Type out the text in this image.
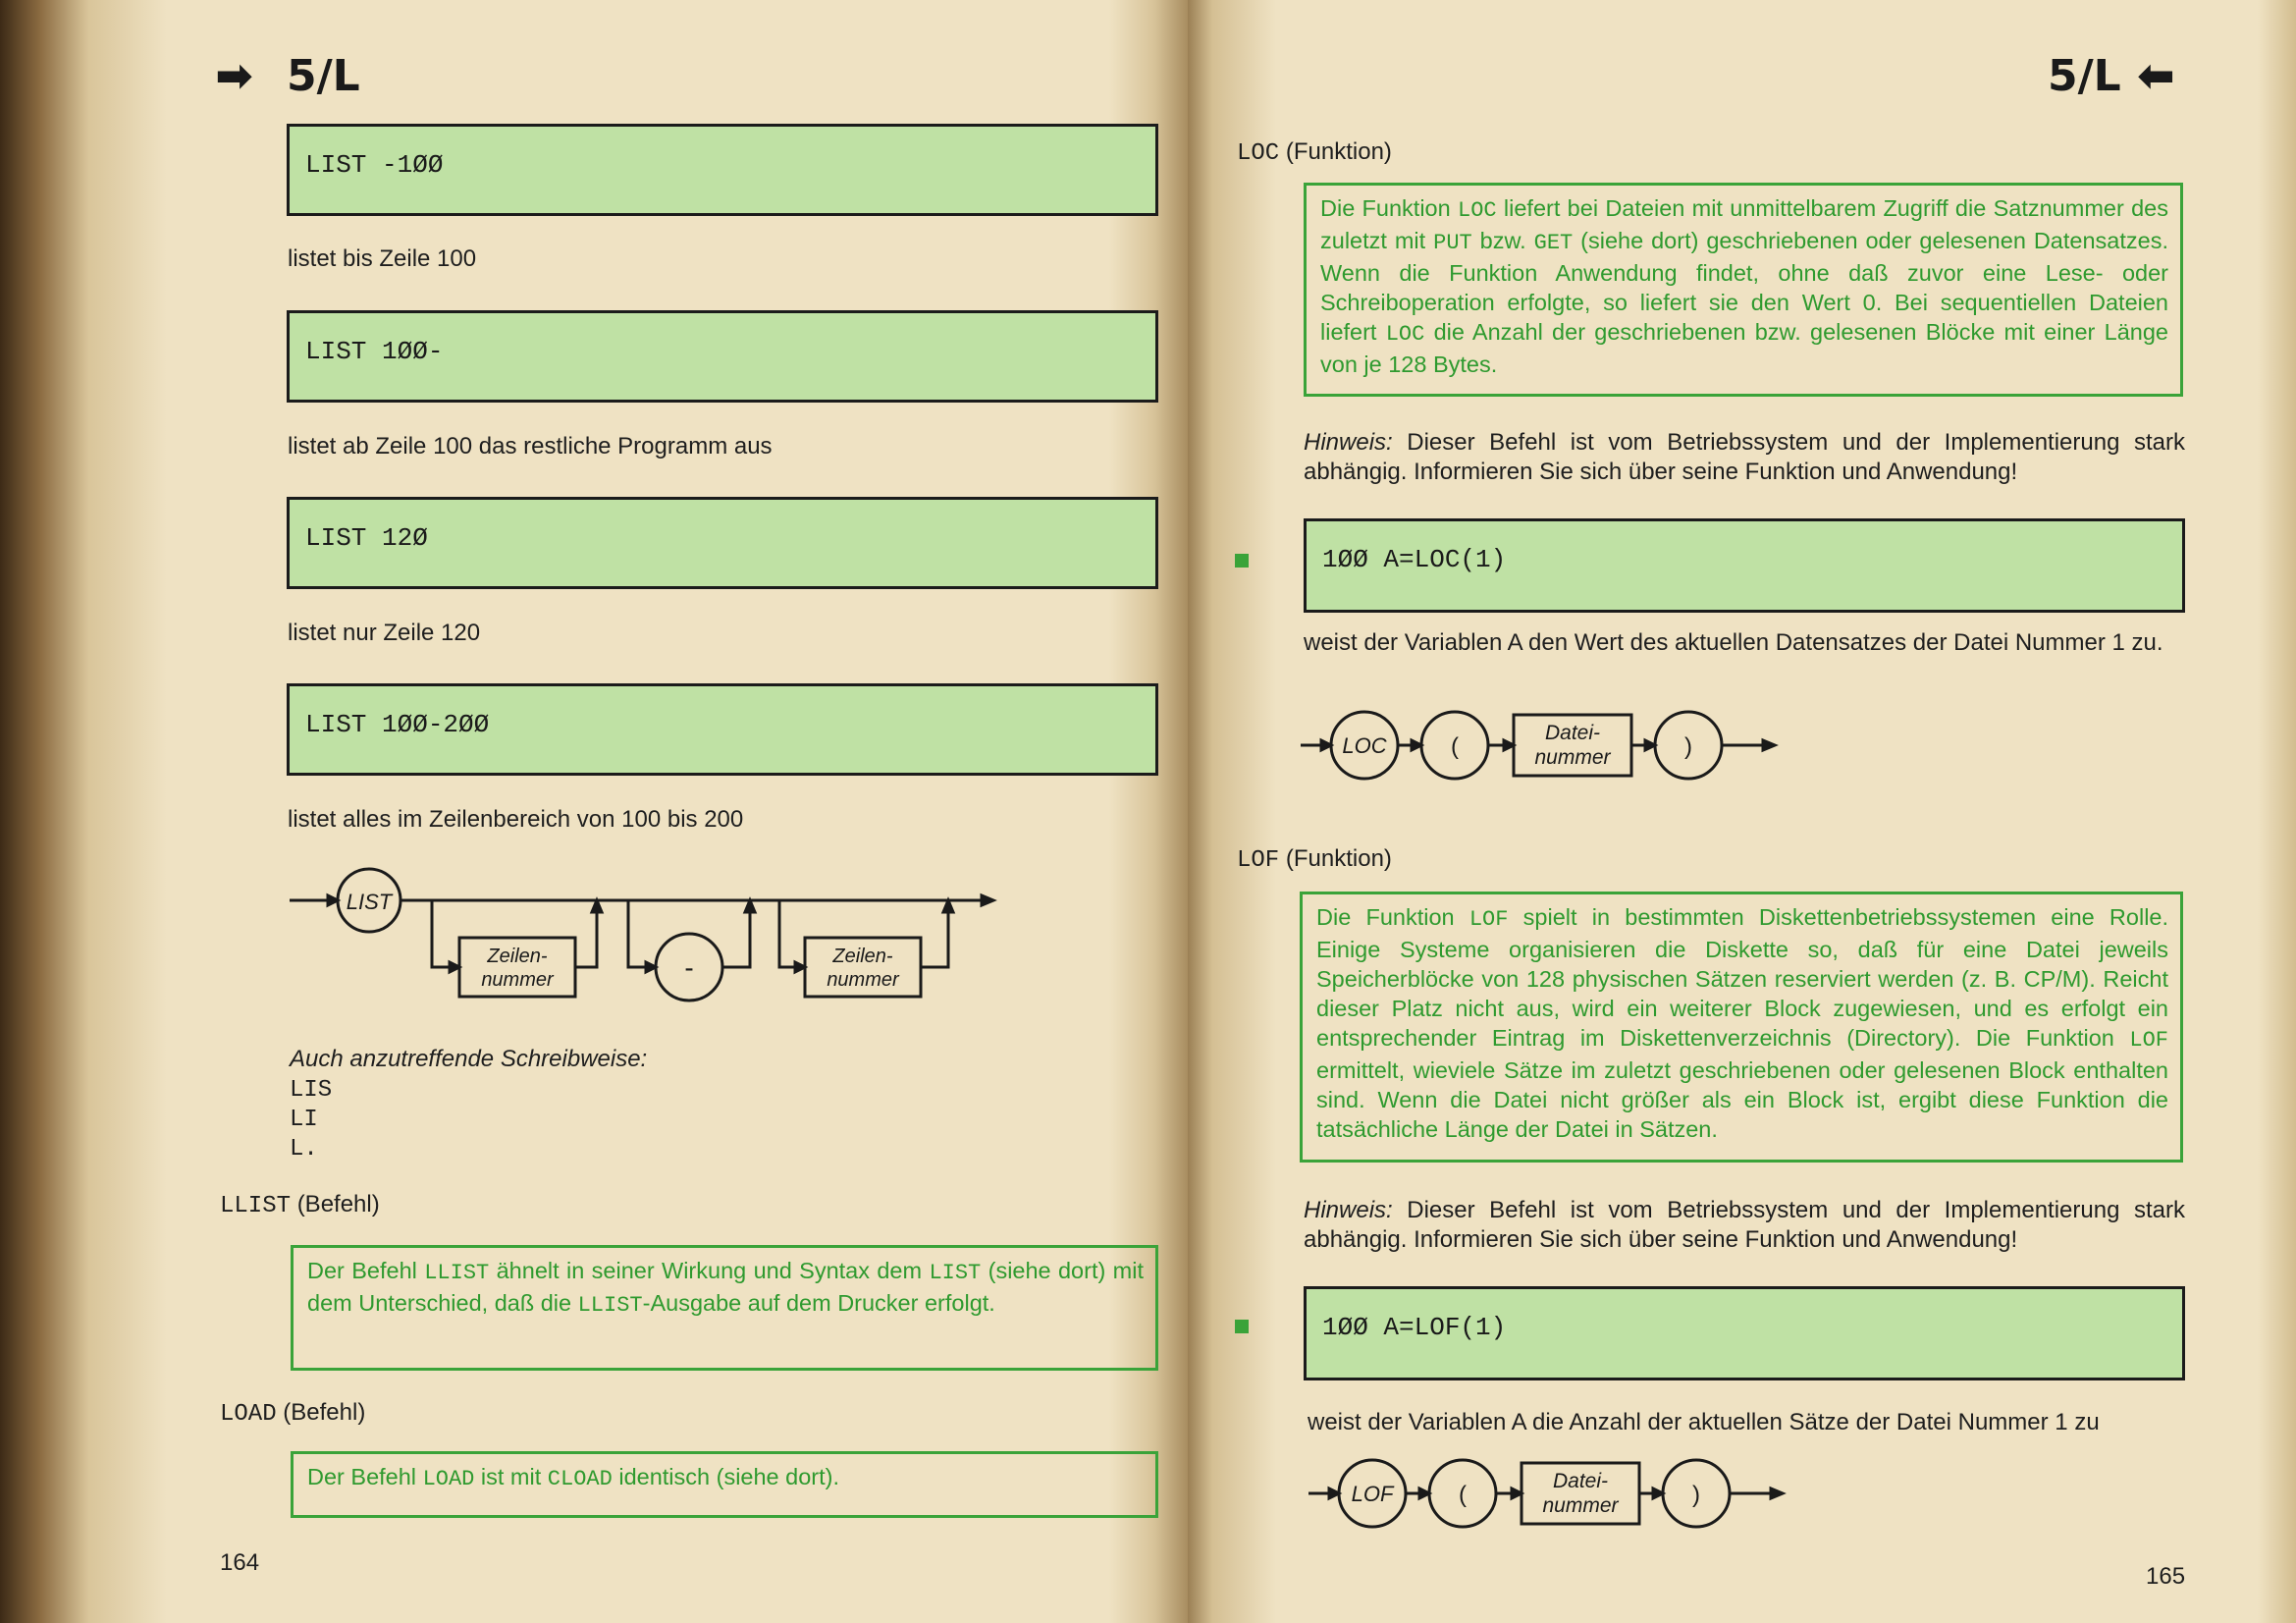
➡ 5/L
LIST -1ØØ
listet bis Zeile 100
LIST 1ØØ-
listet ab Zeile 100 das restliche Programm aus
LIST 12Ø
listet nur Zeile 120
LIST 1ØØ-2ØØ
listet alles im Zeilenbereich von 100 bis 200
LIST
Zeilen-
nummer	-	Zeilen-
nummer
Auch anzutreffende Schreibweise:
LIS
LI
L.
LLIST (Befehl)
Der Befehl LLIST ähnelt in seiner Wirkung und Syntax dem LIST (siehe dort) mit dem Unterschied, daß die LLIST-Ausgabe auf dem Drucker erfolgt.
LOAD (Befehl)
Der Befehl LOAD ist mit CLOAD identisch (siehe dort).
164
5/L ⬅
LOC (Funktion)
Die Funktion LOC liefert bei Dateien mit unmittelbarem Zugriff die Satznummer des zuletzt mit PUT bzw. GET (siehe dort) geschriebenen oder gelesenen Datensatzes. Wenn die Funktion Anwendung findet, ohne daß zuvor eine Lese- oder Schreiboperation erfolgte, so liefert sie den Wert 0. Bei sequentiellen Dateien liefert LOC die Anzahl der geschriebenen bzw. gelesenen Blöcke mit einer Länge von je 128 Bytes.
Hinweis: Dieser Befehl ist vom Betriebssystem und der Implementierung stark abhängig. Informieren Sie sich über seine Funktion und Anwendung!
1ØØ A=LOC(1)
weist der Variablen A den Wert des aktuellen Datensatzes der Datei Nummer 1 zu.
LOC	(
Datei-
nummer	)
LOF (Funktion)
Die Funktion LOF spielt in bestimmten Diskettenbetriebssystemen eine Rolle. Einige Systeme organisieren die Diskette so, daß für eine Datei jeweils Speicherblöcke von 128 physischen Sätzen reserviert werden (z. B. CP/M). Reicht dieser Platz nicht aus, wird ein weiterer Block zugewiesen, und es erfolgt ein entsprechender Eintrag im Diskettenverzeichnis (Directory). Die Funktion LOF ermittelt, wieviele Sätze im zuletzt geschriebenen oder gelesenen Block enthalten sind. Wenn die Datei nicht größer als ein Block ist, ergibt diese Funktion die tatsächliche Länge der Datei in Sätzen.
Hinweis: Dieser Befehl ist vom Betriebssystem und der Implementierung stark abhängig. Informieren Sie sich über seine Funktion und Anwendung!
1ØØ A=LOF(1)
weist der Variablen A die Anzahl der aktuellen Sätze der Datei Nummer 1 zu
LOF	(
Datei-
nummer	)
165
